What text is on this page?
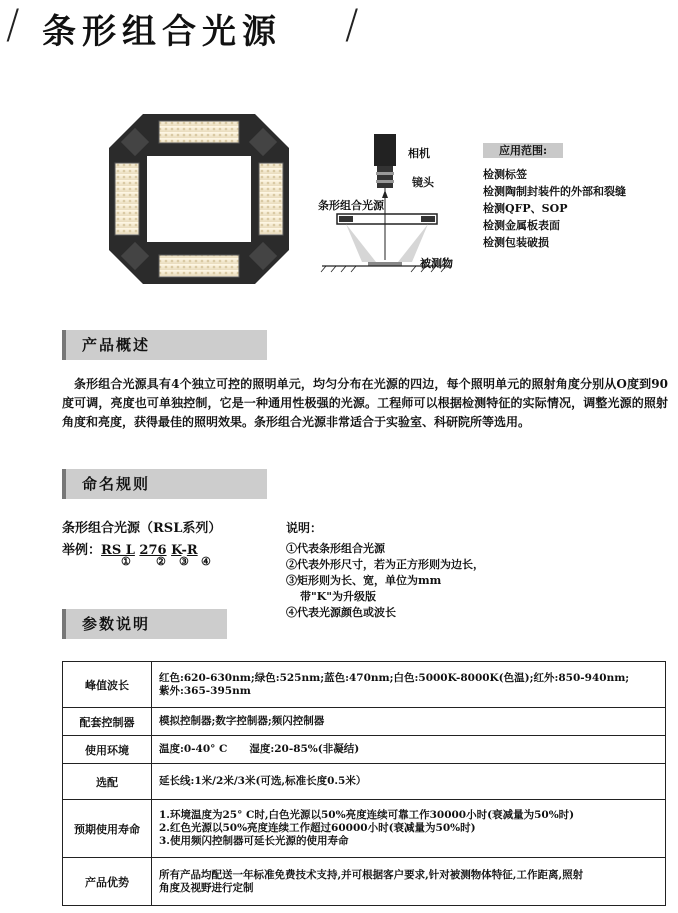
/ 条形组合光源 /
相机
镜头
条形组合光源
被测物
应用范围:
检测标签
检测陶制封装件的外部和裂缝
检测QFP、SOP
检测金属板表面
检测包装破损
产品概述
条形组合光源具有4个独立可控的照明单元，均匀分布在光源的四边，每个照明单元的照射角度分别从O度到90度可调，亮度也可单独控制，它是一种通用性极强的光源。工程师可以根据检测特征的实际情况，调整光源的照射角度和亮度，获得最佳的照明效果。条形组合光源非常适合于实验室、科研院所等选用。
命名规则
条形组合光源（RSL系列）
举例：RS L 276 K-R
① ② ③ ④
说明：
①代表条形组合光源
②代表外形尺寸，若为正方形则为边长，
③矩形则为长、宽，单位为mm
带"K"为升级版
④代表光源颜色或波长
参数说明
峰值波长	红色:620-630nm;绿色:525nm;蓝色:470nm;白色:5000K-8000K(色温);红外:850-940nm;
紫外:365-395nm

配套控制器	模拟控制器;数字控制器;频闪控制器

使用环境	温度:0-40° C      湿度:20-85%(非凝结)

选配	延长线:1米/2米/3米(可选,标准长度0.5米）

预期使用寿命	1.环境温度为25° C时,白色光源以50%亮度连续可靠工作30000小时(衰减量为50%时)
2.红色光源以50%亮度连续工作超过60000小时(衰减量为50%时)
3.使用频闪控制器可延长光源的使用寿命

产品优势	所有产品均配送一年标准免费技术支持,并可根据客户要求,针对被测物体特征,工作距离,照射
角度及视野进行定制
